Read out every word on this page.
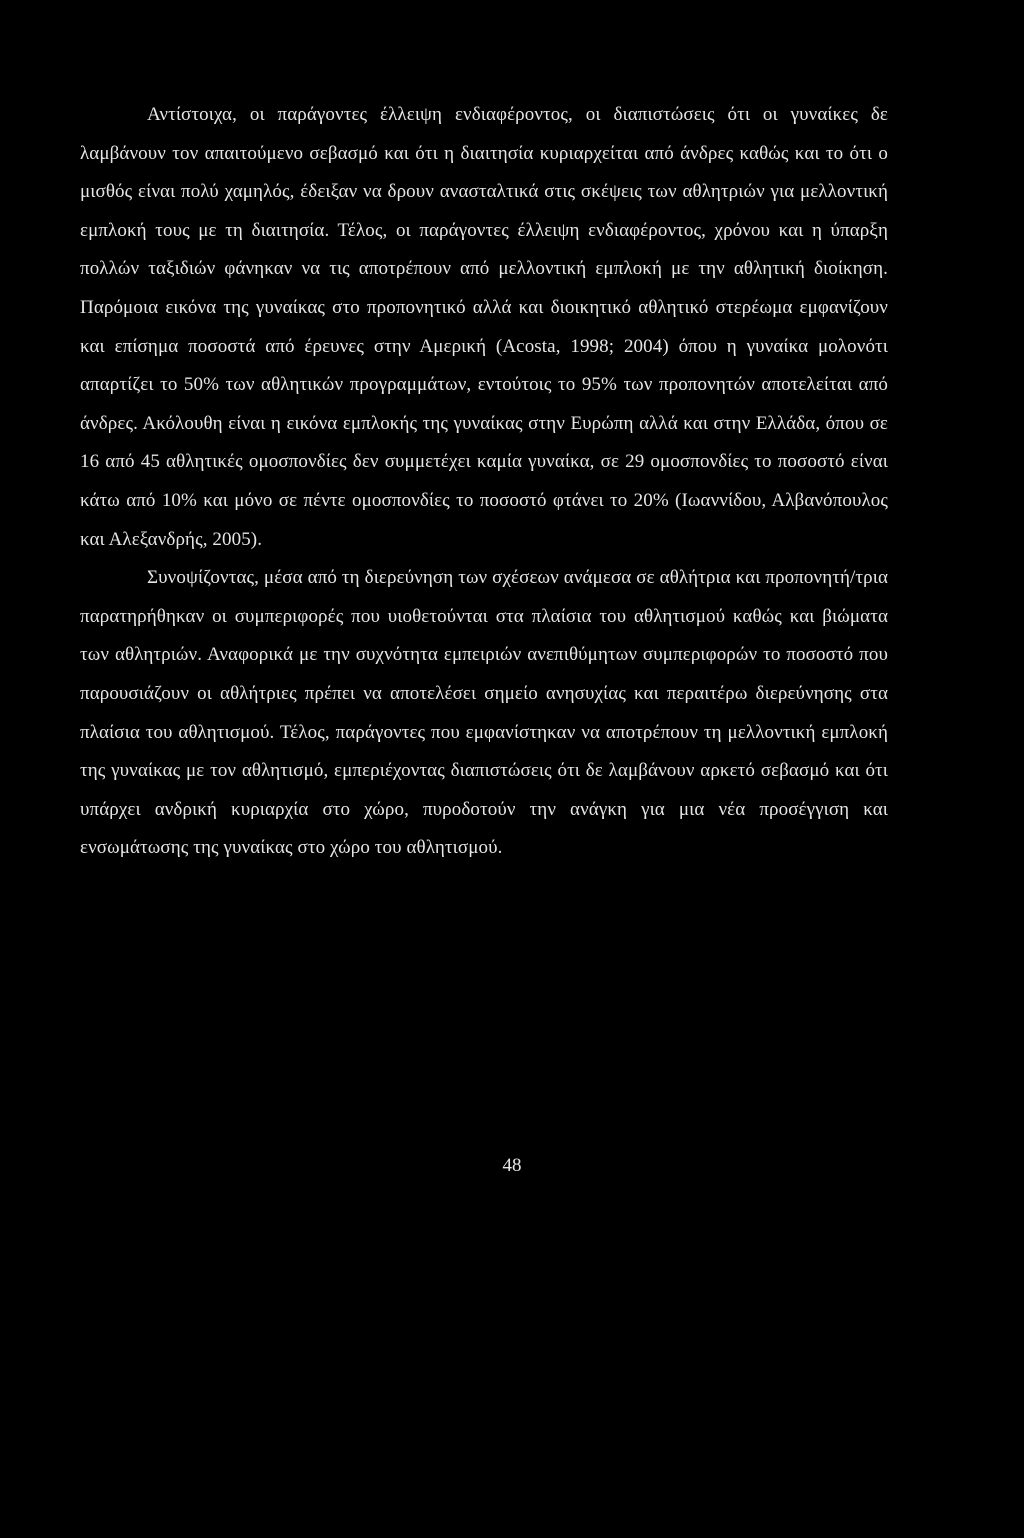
Αντίστοιχα, οι παράγοντες έλλειψη ενδιαφέροντος, οι διαπιστώσεις ότι οι γυναίκες δε λαμβάνουν τον απαιτούμενο σεβασμό και ότι η διαιτησία κυριαρχείται από άνδρες καθώς και το ότι ο μισθός είναι πολύ χαμηλός, έδειξαν να δρουν ανασταλτικά στις σκέψεις των αθλητριών για μελλοντική εμπλοκή τους με τη διαιτησία. Τέλος, οι παράγοντες έλλειψη ενδιαφέροντος, χρόνου και η ύπαρξη πολλών ταξιδιών φάνηκαν να τις αποτρέπουν από μελλοντική εμπλοκή με την αθλητική διοίκηση. Παρόμοια εικόνα της γυναίκας στο προπονητικό αλλά και διοικητικό αθλητικό στερέωμα εμφανίζουν και επίσημα ποσοστά από έρευνες στην Αμερική (Acosta, 1998; 2004) όπου η γυναίκα μολονότι απαρτίζει το 50% των αθλητικών προγραμμάτων, εντούτοις το 95% των προπονητών αποτελείται από άνδρες. Ακόλουθη είναι η εικόνα εμπλοκής της γυναίκας στην Ευρώπη αλλά και στην Ελλάδα, όπου σε 16 από 45 αθλητικές ομοσπονδίες δεν συμμετέχει καμία γυναίκα, σε 29 ομοσπονδίες το ποσοστό είναι κάτω από 10% και μόνο σε πέντε ομοσπονδίες το ποσοστό φτάνει το 20% (Ιωαννίδου, Αλβανόπουλος και Αλεξανδρής, 2005).

Συνοψίζοντας, μέσα από τη διερεύνηση των σχέσεων ανάμεσα σε αθλήτρια και προπονητή/τρια παρατηρήθηκαν οι συμπεριφορές που υιοθετούνται στα πλαίσια του αθλητισμού καθώς και βιώματα των αθλητριών. Αναφορικά με την συχνότητα εμπειριών ανεπιθύμητων συμπεριφορών το ποσοστό που παρουσιάζουν οι αθλήτριες πρέπει να αποτελέσει σημείο ανησυχίας και περαιτέρω διερεύνησης στα πλαίσια του αθλητισμού. Τέλος, παράγοντες που εμφανίστηκαν να αποτρέπουν τη μελλοντική εμπλοκή της γυναίκας με τον αθλητισμό, εμπεριέχοντας διαπιστώσεις ότι δε λαμβάνουν αρκετό σεβασμό και ότι υπάρχει ανδρική κυριαρχία στο χώρο, πυροδοτούν την ανάγκη για μια νέα προσέγγιση και ενσωμάτωσης της γυναίκας στο χώρο του αθλητισμού.

48
